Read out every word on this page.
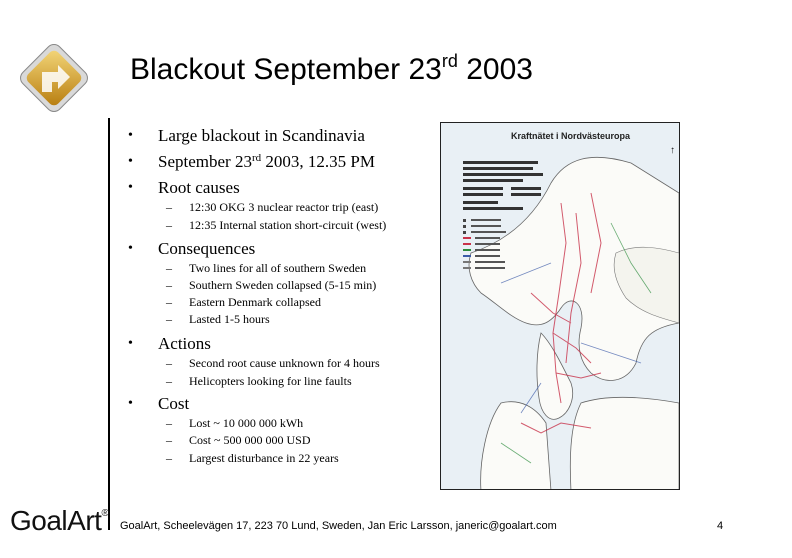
Blackout September 23rd 2003
• Large blackout in Scandinavia
• September 23rd 2003, 12.35 PM
• Root causes
– 12:30 OKG 3 nuclear reactor trip (east)
– 12:35 Internal station short-circuit (west)
• Consequences
– Two lines for all of southern Sweden
– Southern Sweden collapsed (5-15 min)
– Eastern Denmark collapsed
– Lasted 1-5 hours
• Actions
– Second root cause unknown for 4 hours
– Helicopters looking for line faults
• Cost
– Lost ~ 10 000 000 kWh
– Cost ~ 500 000 000 USD
– Largest disturbance in 22 years
↑
Kraftnätet i Nordvästeuropa
GoalArt®
GoalArt, Scheelevägen 17, 223 70 Lund, Sweden, Jan Eric Larsson, janeric@goalart.com	4
